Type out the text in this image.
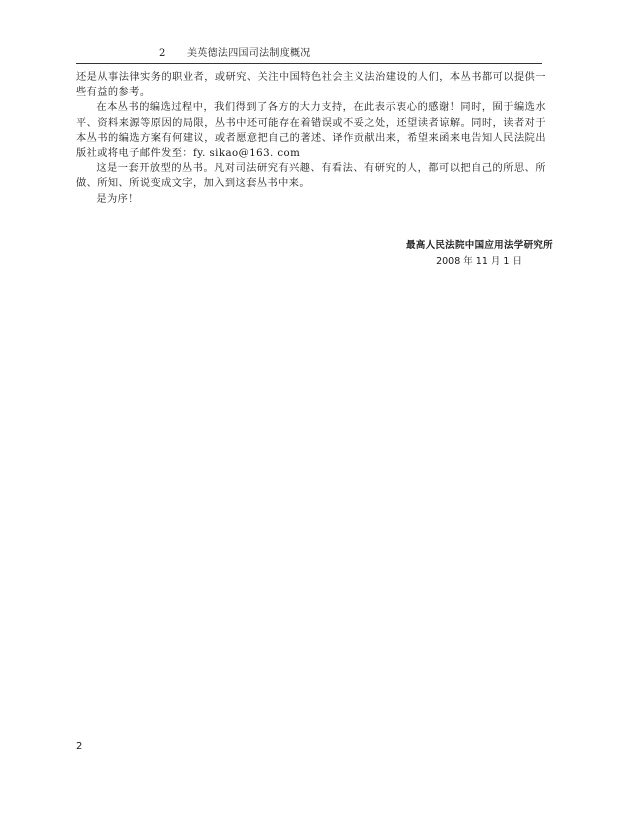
2 美英德法四国司法制度概况

还是从事法律实务的职业者，或研究、关注中国特色社会主义法治建设的人们，本丛书都可以提供一些有益的参考。

在本丛书的编选过程中，我们得到了各方的大力支持，在此表示衷心的感谢！同时，囿于编选水平、资料来源等原因的局限，丛书中还可能存在着错误或不妥之处，还望读者谅解。同时，读者对于本丛书的编选方案有何建议，或者愿意把自己的著述、译作贡献出来，希望来函来电告知人民法院出版社或将电子邮件发至：fy. sikao@163. com

这是一套开放型的丛书。凡对司法研究有兴趣、有看法、有研究的人，都可以把自己的所思、所做、所知、所说变成文字，加入到这套丛书中来。

是为序！

最高人民法院中国应用法学研究所
2008 年 11 月 1 日
2
